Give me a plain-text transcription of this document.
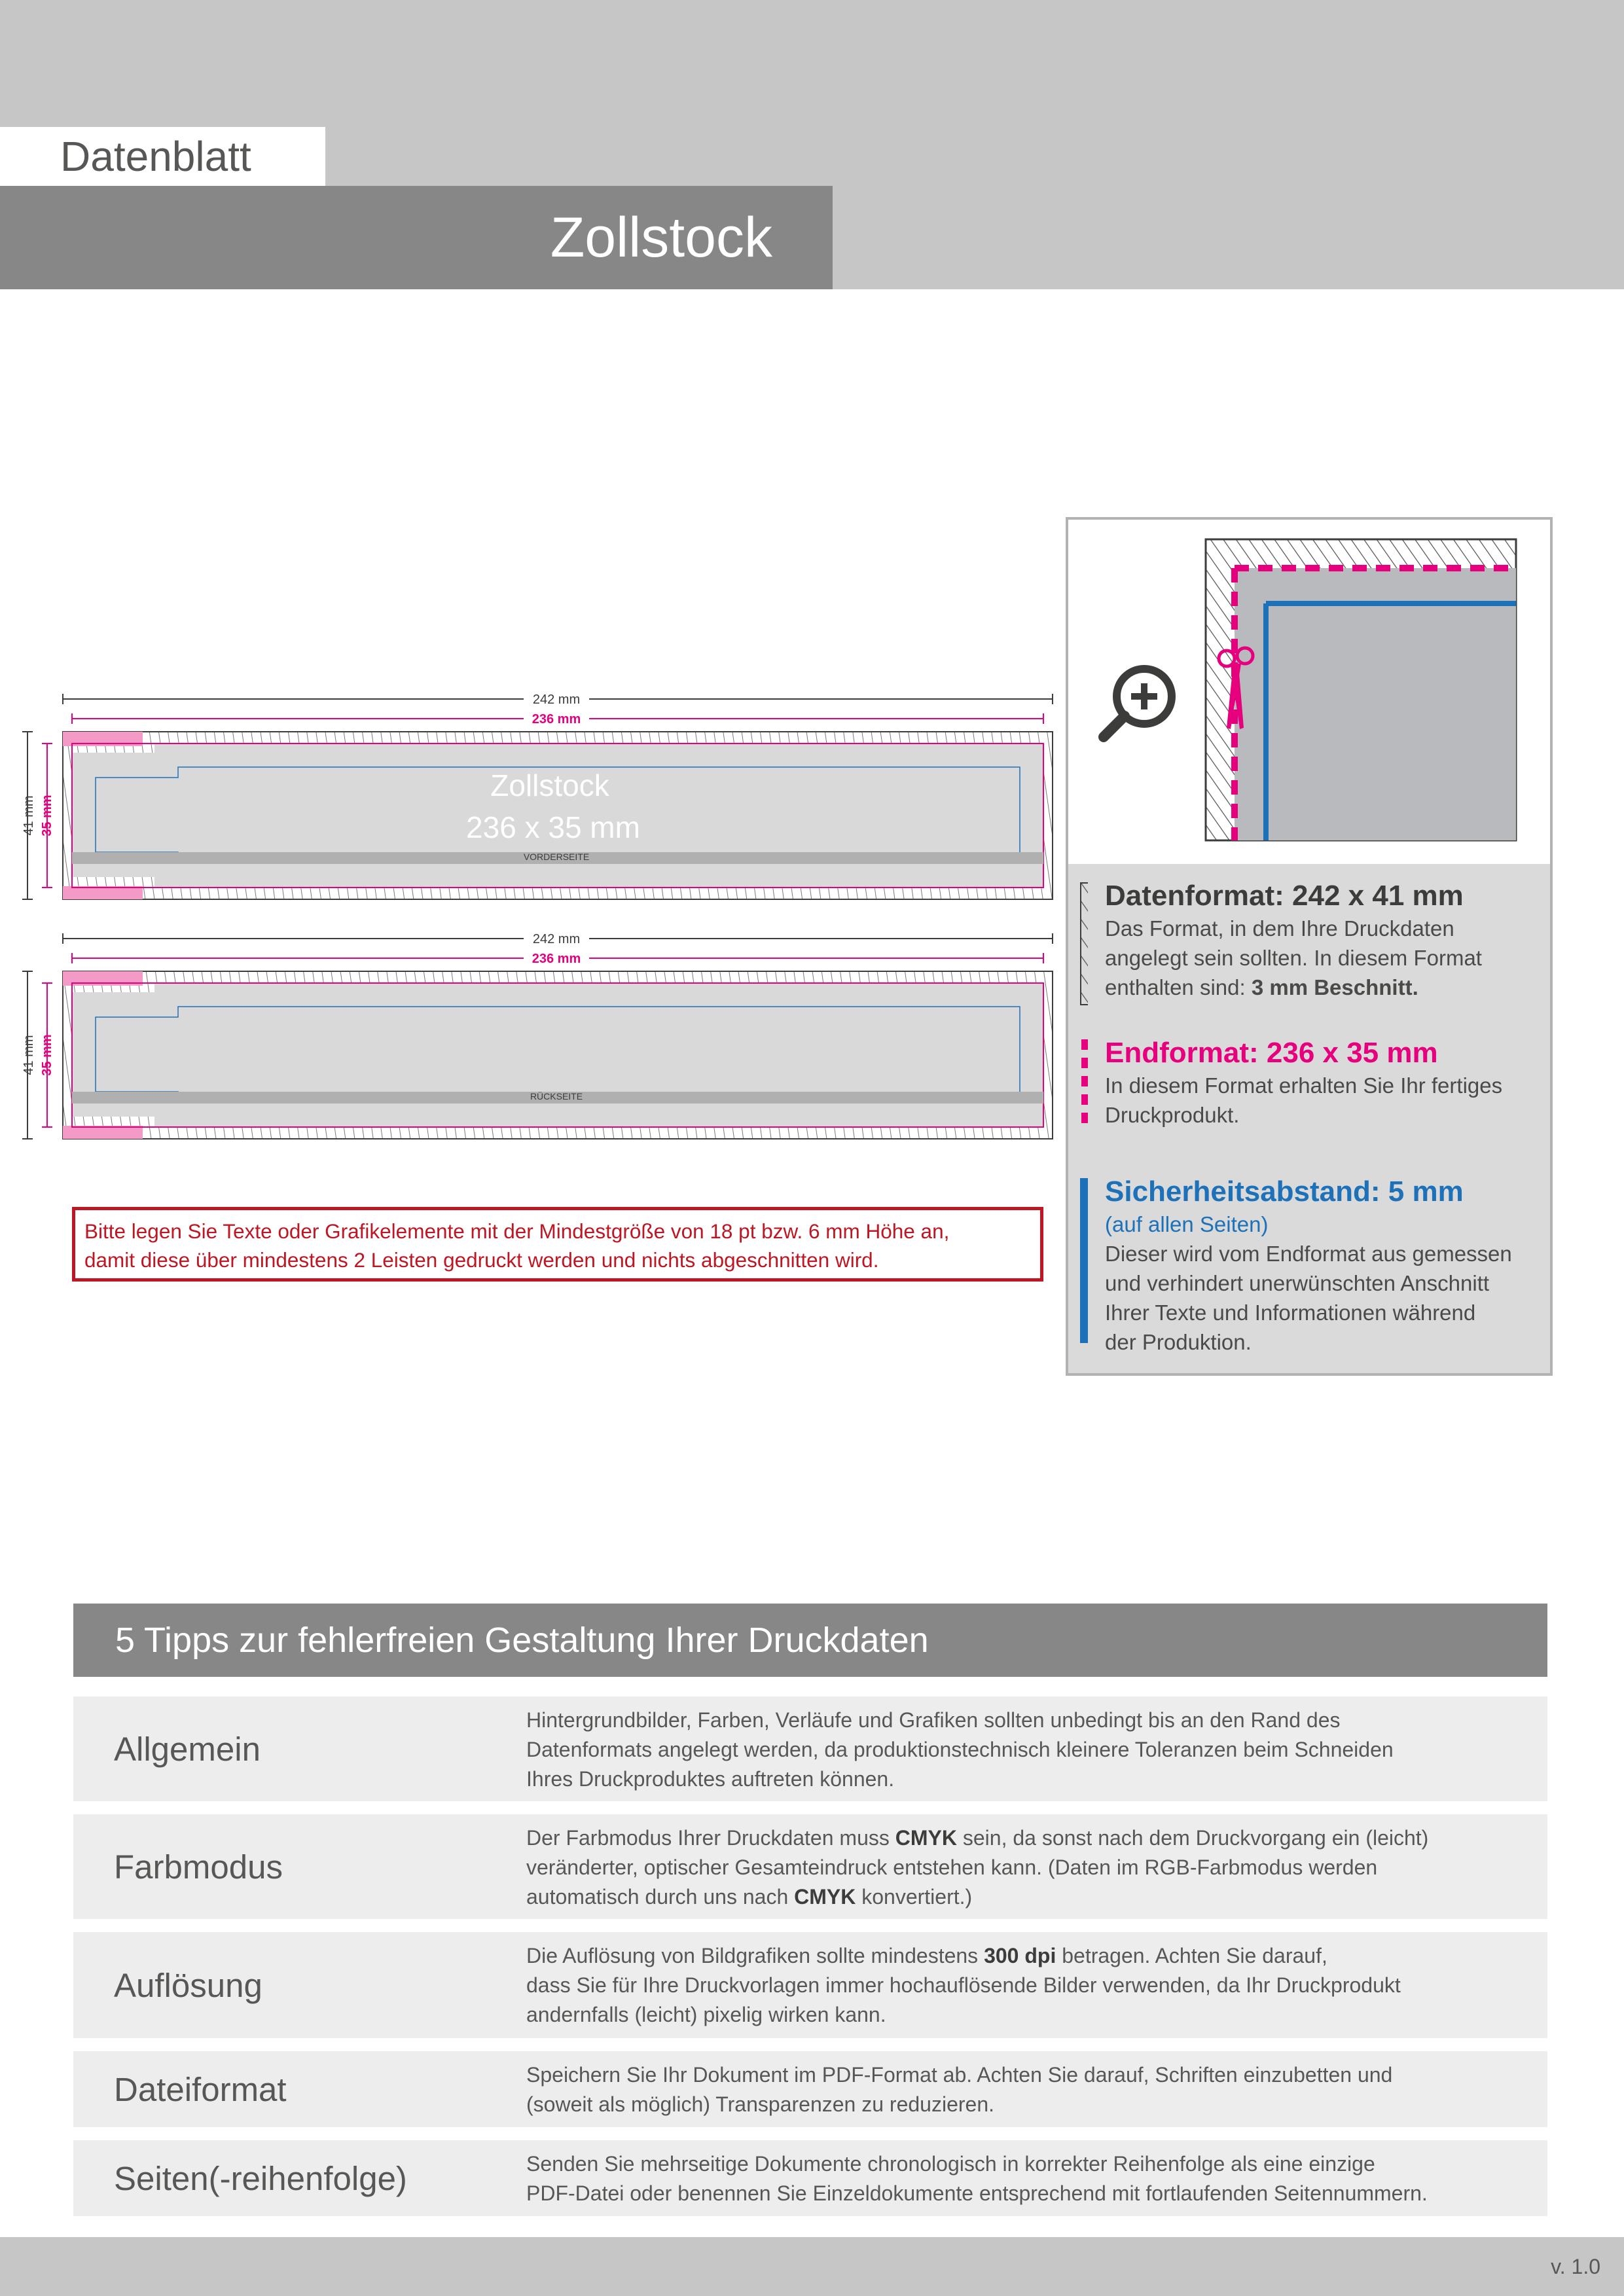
Datenblatt
Zollstock
242 mm
236 mm
41 mm 35 mm
VORDERSEITE
Zollstock
236 x 35 mm
242 mm
236 mm
41 mm 35 mm
RÜCKSEITE
Datenformat: 242 x 41 mm

Das Format, in dem Ihre Druckdaten

angelegt sein sollten. In diesem Format

enthalten sind: 3 mm Beschnitt.

Endformat: 236 x 35 mm

In diesem Format erhalten Sie Ihr fertiges

Druckprodukt.

Sicherheitsabstand: 5 mm

(auf allen Seiten)

Dieser wird vom Endformat aus gemessen

und verhindert unerwünschten Anschnitt

Ihrer Texte und Informationen während

der Produktion.

Bitte legen Sie Texte oder Grafikelemente mit der Mindestgröße von 18 pt bzw. 6 mm Höhe an,
damit diese über mindestens 2 Leisten gedruckt werden und nichts abgeschnitten wird.
5 Tipps zur fehlerfreien Gestaltung Ihrer Druckdaten
Allgemein
Hintergrundbilder, Farben, Verläufe und Grafiken sollten unbedingt bis an den Rand des
Datenformats angelegt werden, da produktionstechnisch kleinere Toleranzen beim Schneiden
Ihres Druckproduktes auftreten können.
Farbmodus
Der Farbmodus Ihrer Druckdaten muss CMYK sein, da sonst nach dem Druckvorgang ein (leicht)
veränderter, optischer Gesamteindruck entstehen kann. (Daten im RGB-Farbmodus werden
automatisch durch uns nach CMYK konvertiert.)
Auflösung
Die Auflösung von Bildgrafiken sollte mindestens 300 dpi betragen. Achten Sie darauf,
dass Sie für Ihre Druckvorlagen immer hochauflösende Bilder verwenden, da Ihr Druckprodukt
andernfalls (leicht) pixelig wirken kann.
Dateiformat	Speichern Sie Ihr Dokument im PDF-Format ab. Achten Sie darauf, Schriften einzubetten und
(soweit als möglich) Transparenzen zu reduzieren.
Seiten(-reihenfolge)	Senden Sie mehrseitige Dokumente chronologisch in korrekter Reihenfolge als eine einzige
PDF-Datei oder benennen Sie Einzeldokumente entsprechend mit fortlaufenden Seitennummern.
v. 1.0
